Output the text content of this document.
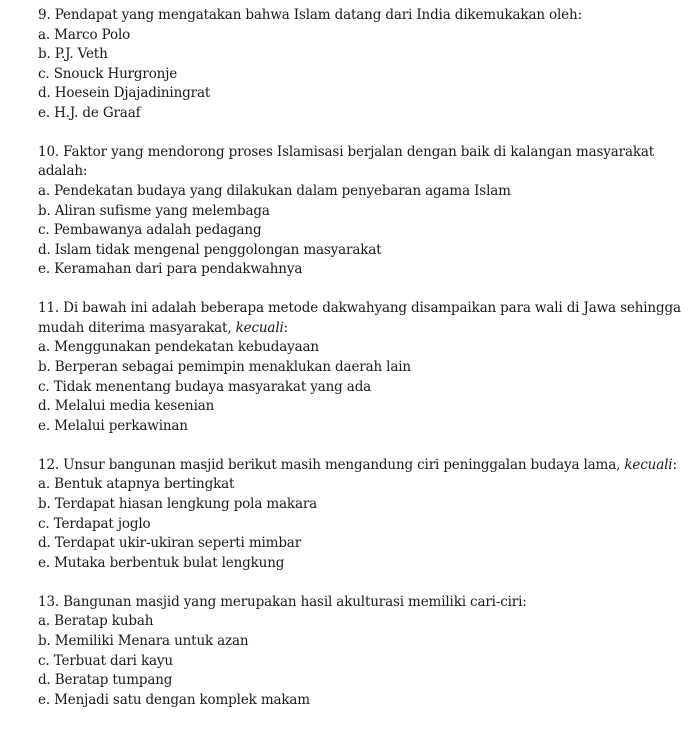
9. Pendapat yang mengatakan bahwa Islam datang dari India dikemukakan oleh:

a. Marco Polo

b. P.J. Veth

c. Snouck Hurgronje

d. Hoesein Djajadiningrat

e. H.J. de Graaf

10. Faktor yang mendorong proses Islamisasi berjalan dengan baik di kalangan masyarakat adalah:

a. Pendekatan budaya yang dilakukan dalam penyebaran agama Islam

b. Aliran sufisme yang melembaga

c. Pembawanya adalah pedagang

d. Islam tidak mengenal penggolongan masyarakat

e. Keramahan dari para pendakwahnya

11. Di bawah ini adalah beberapa metode dakwahyang disampaikan para wali di Jawa sehingga mudah diterima masyarakat, kecuali:

a. Menggunakan pendekatan kebudayaan

b. Berperan sebagai pemimpin menaklukan daerah lain

c. Tidak menentang budaya masyarakat yang ada

d. Melalui media kesenian

e. Melalui perkawinan

12. Unsur bangunan masjid berikut masih mengandung ciri peninggalan budaya lama, kecuali:

a. Bentuk atapnya bertingkat

b. Terdapat hiasan lengkung pola makara

c. Terdapat joglo

d. Terdapat ukir-ukiran seperti mimbar

e. Mutaka berbentuk bulat lengkung

13. Bangunan masjid yang merupakan hasil akulturasi memiliki cari-ciri:

a. Beratap kubah

b. Memiliki Menara untuk azan

c. Terbuat dari kayu

d. Beratap tumpang

e. Menjadi satu dengan komplek makam
